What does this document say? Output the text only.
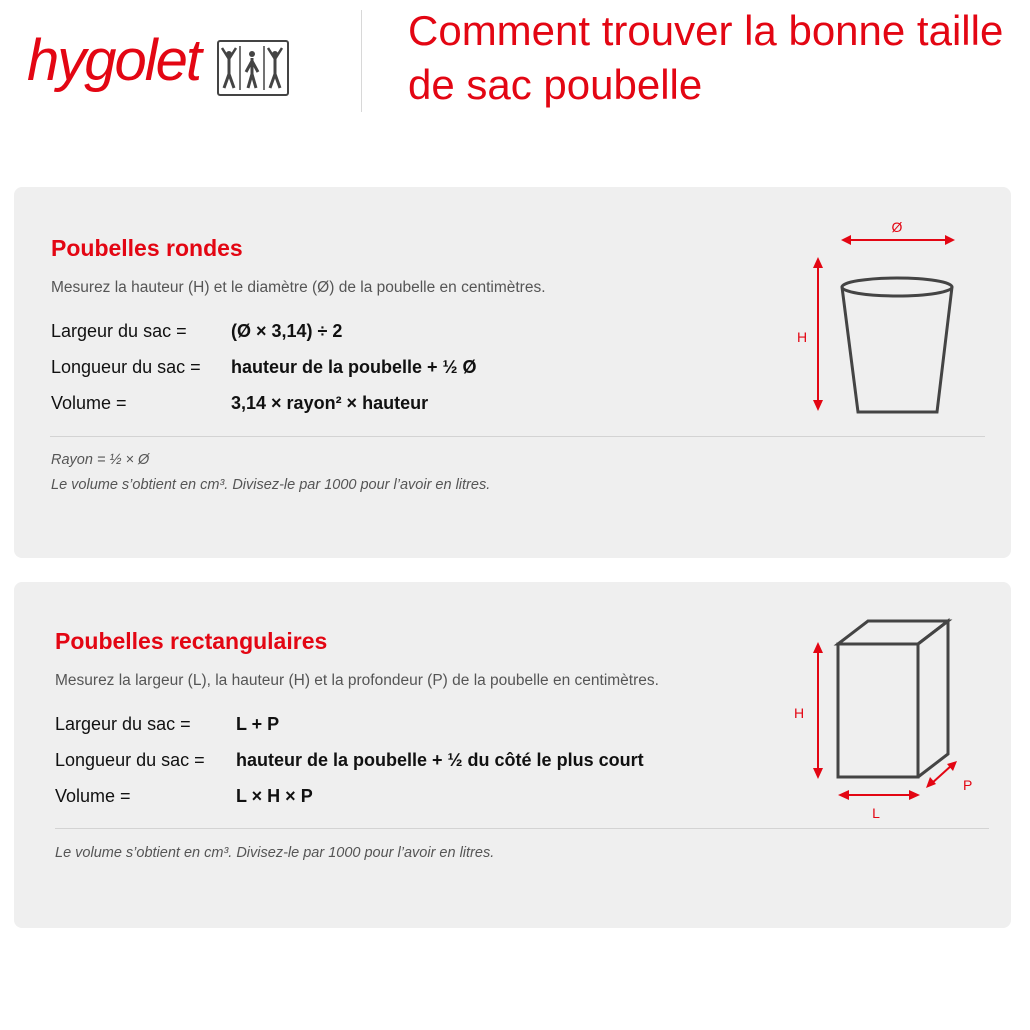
hygolet	Comment trouver la bonne taille de sac poubelle
Poubelles rondes
Mesurez la hauteur (H) et le diamètre (Ø) de la poubelle en centimètres.
Largeur du sac = (Ø × 3,14) ÷ 2
Longueur du sac = hauteur de la poubelle + ½ Ø
Volume =	3,14 × rayon² × hauteur
Rayon = ½ × Ø
Le volume s’obtient en cm³. Divisez-le par 1000 pour l’avoir en litres.
Ø
H
Poubelles rectangulaires
Mesurez la largeur (L), la hauteur (H) et la profondeur (P) de la poubelle en centimètres.
Largeur du sac =	L + P
Longueur du sac = hauteur de la poubelle + ½ du côté le plus court
Volume =	L × H × P
Le volume s’obtient en cm³. Divisez-le par 1000 pour l’avoir en litres.
H
L
P
